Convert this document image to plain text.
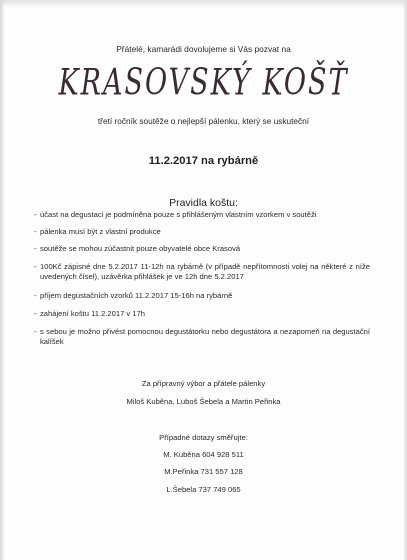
Přátelé, kamarádi dovolujeme si Vás pozvat na
KRASOVSKÝ KOŠŤ
třetí ročník soutěže o nejlepší pálenku, který se uskuteční
11.2.2017 na rybárně
Pravidla koštu:
- účast na degustaci je podmíněna pouze s přihlášeným vlastním vzorkem v soutěži
- pálenka musí být z vlastní produkce
- soutěže se mohou zúčastnit pouze obyvatelé obce Krasová
- 100Kč zápisné dne 5.2.2017 11-12h na rybárně (v případě nepřítomnosti volej na některé z níže uvedených čísel), uzávěrka přihlášek je ve 12h dne 5.2.2017
- příjem degustačních vzorků 11.2.2017 15-16h na rybárně
- zahájení koštu 11.2.2017 v 17h
- s sebou je možno přivést pomocnou degustátorku nebo degustátora a nezapomeň na degustační kalíšek
Za přípravný výbor a přátele pálenky
Miloš Kuběna, Luboš Šebela a Martin Peřinka
Případné dotazy směřujte:
M. Kuběna 604 928 511
M.Peřinka 731 557 128
L.Šebela 737 749 065
